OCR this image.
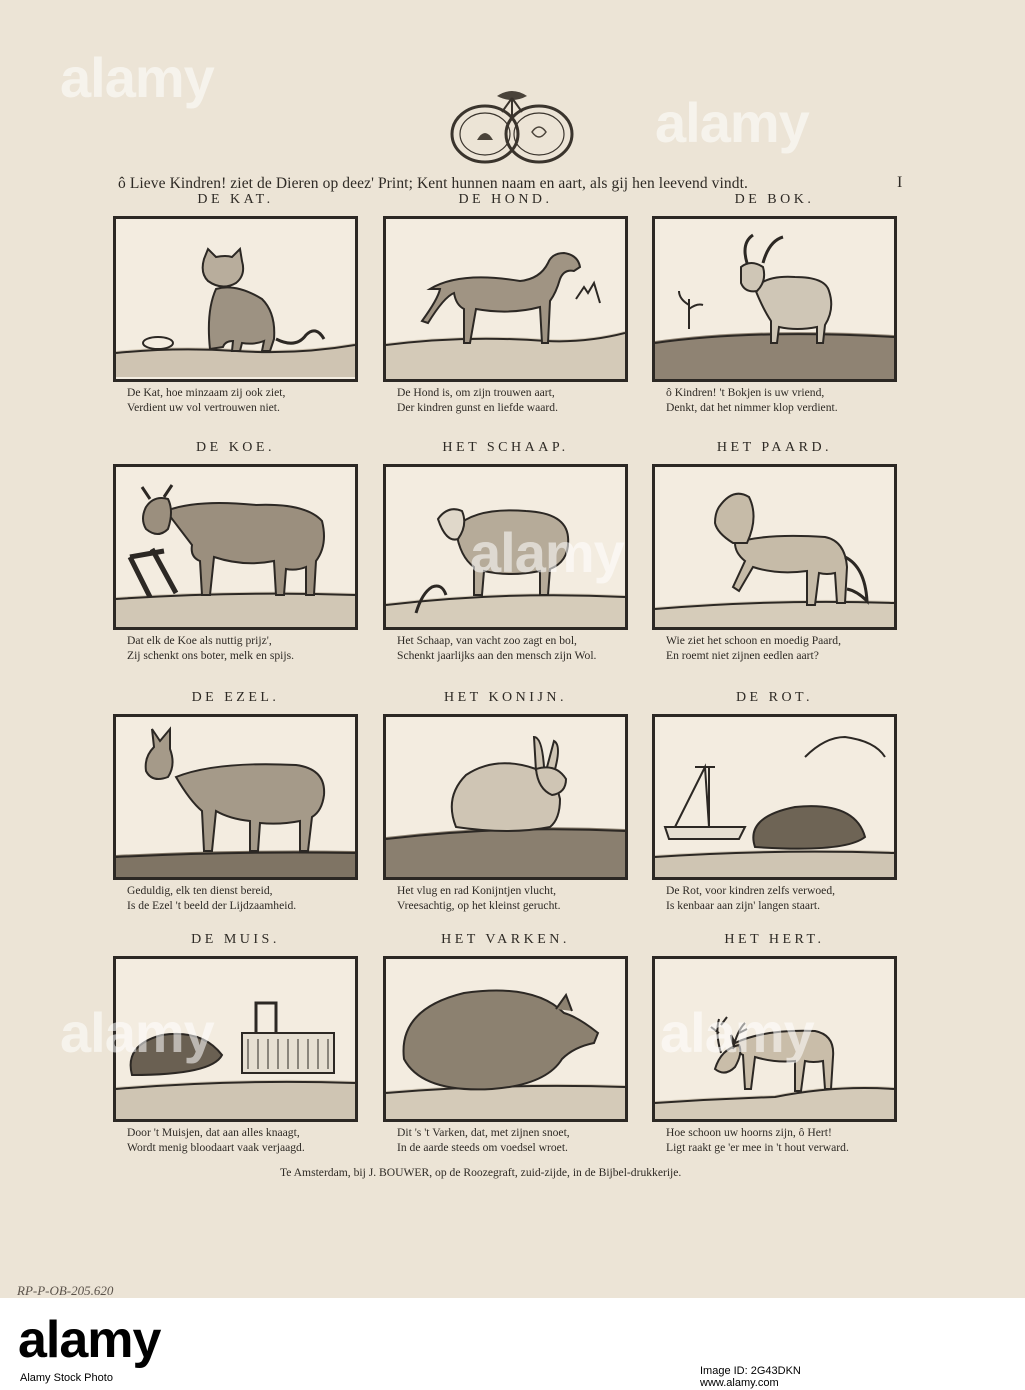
ô Lieve Kindren! ziet de Dieren op deez' Print; Kent hunnen naam en aart, als gij hen leevend vindt.	I
DE KAT.
De Kat, hoe minzaam zij ook ziet,
Verdient uw vol vertrouwen niet.
DE HOND.
De Hond is, om zijn trouwen aart,
Der kindren gunst en liefde waard.
DE BOK.
ô Kindren! 't Bokjen is uw vriend,
Denkt, dat het nimmer klop verdient.
DE KOE.
Dat elk de Koe als nuttig prijz',
Zij schenkt ons boter, melk en spijs.
HET SCHAAP.
Het Schaap, van vacht zoo zagt en bol,
Schenkt jaarlijks aan den mensch zijn Wol.
HET PAARD.
Wie ziet het schoon en moedig Paard,
En roemt niet zijnen eedlen aart?
DE EZEL.
Geduldig, elk ten dienst bereid,
Is de Ezel 't beeld der Lijdzaamheid.
HET KONIJN.
Het vlug en rad Konijntjen vlucht,
Vreesachtig, op het kleinst gerucht.
DE ROT.
De Rot, voor kindren zelfs verwoed,
Is kenbaar aan zijn' langen staart.
DE MUIS.
Door 't Muisjen, dat aan alles knaagt,
Wordt menig bloodaart vaak verjaagd.
HET VARKEN.
Dit 's 't Varken, dat, met zijnen snoet,
In de aarde steeds om voedsel wroet.
HET HERT.
Hoe schoon uw hoorns zijn, ô Hert!
Ligt raakt ge 'er mee in 't hout verward.
Te Amsterdam, bij J. BOUWER, op de Roozegraft, zuid-zijde, in de Bijbel-drukkerije.
RP-P-OB-205.620
alamy
alamy
alamy
alamy	alamy
alamy
Alamy Stock Photo
Image ID: 2G43DKN
www.alamy.com
